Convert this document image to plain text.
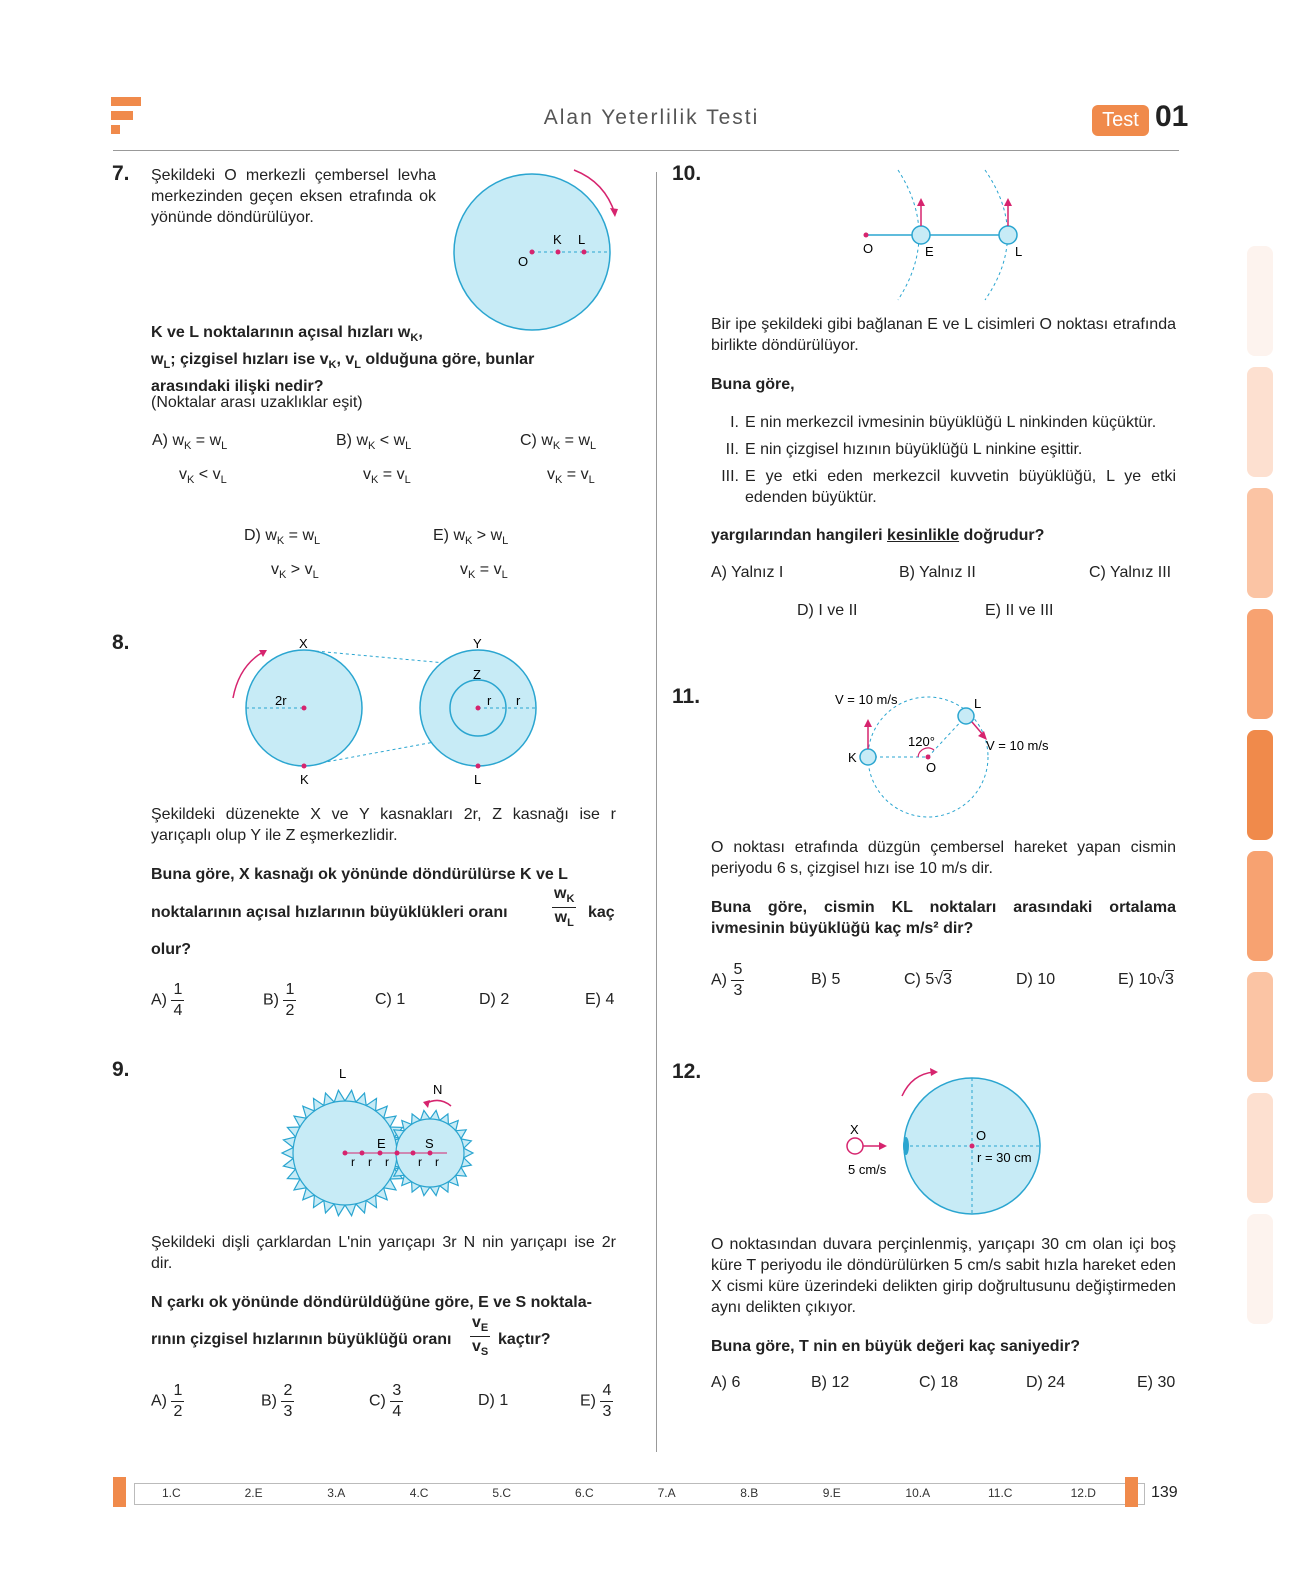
Alan Yeterlilik Testi	Test 01
7. Şekildeki O merkezli çembersel levha merkezinden geçen eksen etrafında ok yönünde döndürülüyor.
O
K L
K ve L noktalarının açısal hızları $w_K$,
$w_L$; çizgisel hızları ise $v_K$, $v_L$ olduğuna göre, bunlar arasındaki ilişki nedir?
(Noktalar arası uzaklıklar eşit)
A) $w_K = w_L$
$v_K < v_L$
B) $w_K < w_L$
$v_K = v_L$
C) $w_K = w_L$
$v_K = v_L$
D) $w_K = w_L$
$v_K > v_L$
E) $w_K > w_L$
$v_K = v_L$
8.	X	Y
Z
2r	r r
K	L
Şekildeki düzenekte X ve Y kasnakları 2r, Z kasnağı ise r yarıçaplı olup Y ile Z eşmerkezlidir.
Buna göre, X kasnağı ok yönünde döndürülürse K ve L
noktalarının açısal hızlarının büyüklükleri oranı	$\frac{w_K}{w_L}$ kaç
olur?
$A) \frac{1}{4}$	$B) \frac{1}{2}$	C) 1	D) 2	E) 4
9.	L
N
E	S
r r r r r
Şekildeki dişli çarklardan L'nin yarıçapı 3r N nin yarıçapı ise 2r dir.
N çarkı ok yönünde döndürüldüğüne göre, E ve S noktala-
rının çizgisel hızlarının büyüklüğü oranı $\frac{v_E}{v_S}$ kaçtır?
$A) \frac{1}{2}$	$B) \frac{2}{3}$	$C) \frac{3}{4}$	D) 1	$E) \frac{4}{3}$
10.
O	E	L
Bir ipe şekildeki gibi bağlanan E ve L cisimleri O noktası etrafında birlikte döndürülüyor.
Buna göre,
I. E nin merkezcil ivmesinin büyüklüğü L ninkinden küçüktür.
II. E nin çizgisel hızının büyüklüğü L ninkine eşittir.
III. E ye etki eden merkezcil kuvvetin büyüklüğü, L ye etki edenden büyüktür.
yargılarından hangileri kesinlikle doğrudur?
A) Yalnız I	B) Yalnız II	C) Yalnız III
D) I ve II	E) II ve III
11.	V = 10 m/s
V = 10 m/s
120°
K
L
O
O noktası etrafında düzgün çembersel hareket yapan cismin periyodu 6 s, çizgisel hızı ise 10 m/s dir.
Buna göre, cismin KL noktaları arasındaki ortalama ivmesinin büyüklüğü kaç m/s² dir?
$A) \frac{5}{3}$	B) 5	C) 5√3	D) 10	E) 10√3
12.
X
5 cm/s
O
r = 30 cm
O noktasından duvara perçinlenmiş, yarıçapı 30 cm olan içi boş küre T periyodu ile döndürülürken 5 cm/s sabit hızla hareket eden X cismi küre üzerindeki delikten girip doğrultusunu değiştirmeden aynı delikten çıkıyor.
Buna göre, T nin en büyük değeri kaç saniyedir?
A) 6	B) 12	C) 18	D) 24	E) 30
1.C	2.E	3.A	4.C	5.C	6.C	7.A	8.B	9.E	10.A	11.C	12.D	139
